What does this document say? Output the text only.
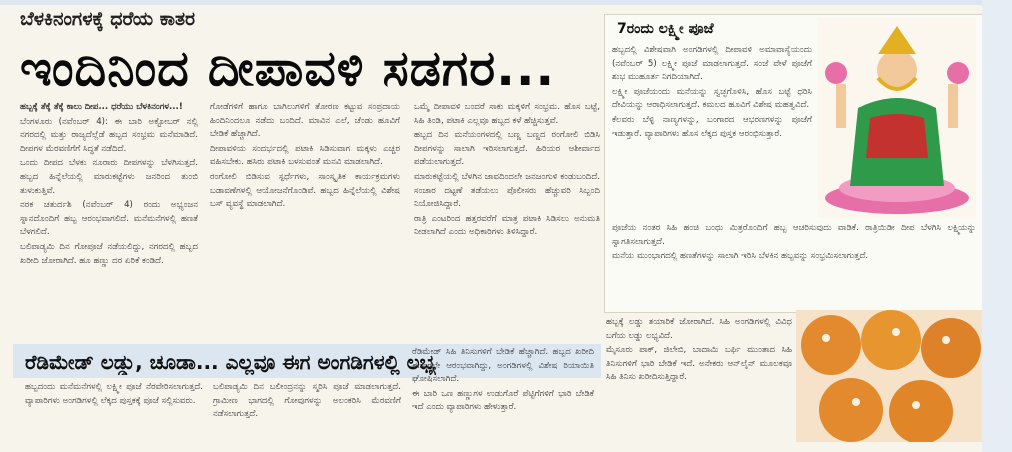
ಬೆಳಕಿನಂಗಳಕ್ಕೆ ಧರೆಯ ಕಾತರ
ಇಂದಿನಿಂದ ದೀಪಾವಳಿ ಸಡಗರ...

ಹಬ್ಬಕ್ಕೆ ತೆಕ್ಕೆ ತೆಕ್ಕೆ ಕಾಲು ದೀಪ... ಧರೆಯು ಬೆಳಕಿನಂಗಳ...!

ಬೆಂಗಳೂರು (ನವೆಂಬರ್ 4): ಈ ಬಾರಿ ಅಕ್ಟೋಬರ್ ನಲ್ಲಿ ನಗರದಲ್ಲಿ ಮತ್ತು ರಾಜ್ಯದೆಲ್ಲೆಡೆ ಹಬ್ಬದ ಸಂಭ್ರಮ ಮನೆಮಾಡಿದೆ. ದೀಪಗಳ ಮೆರವಣಿಗೆಗೆ ಸಿದ್ಧತೆ ನಡೆದಿದೆ.

ಒಂದು ದೀಪದ ಬೆಳಕು ನೂರಾರು ದೀಪಗಳನ್ನು ಬೆಳಗಿಸುತ್ತದೆ. ಹಬ್ಬದ ಹಿನ್ನೆಲೆಯಲ್ಲಿ ಮಾರುಕಟ್ಟೆಗಳು ಜನರಿಂದ ತುಂಬಿ ತುಳುಕುತ್ತಿವೆ.

ನರಕ ಚತುರ್ದಶಿ (ನವೆಂಬರ್ 4) ರಂದು ಅಭ್ಯಂಜನ ಸ್ನಾನದೊಂದಿಗೆ ಹಬ್ಬ ಆರಂಭವಾಗಲಿದೆ. ಮನೆಮನೆಗಳಲ್ಲಿ ಹಣತೆ ಬೆಳಗಲಿದೆ.

ಬಲಿಪಾಡ್ಯಮಿ ದಿನ ಗೋಪೂಜೆ ನಡೆಯಲಿದ್ದು, ನಗರದಲ್ಲಿ ಹಬ್ಬದ ಖರೀದಿ ಜೋರಾಗಿದೆ. ಹೂ ಹಣ್ಣು ದರ ಏರಿಕೆ ಕಂಡಿದೆ.

ಗೋಡೆಗಳಿಗೆ ಹಾಗೂ ಬಾಗಿಲುಗಳಿಗೆ ತೋರಣ ಕಟ್ಟುವ ಸಂಪ್ರದಾಯ ಹಿಂದಿನಿಂದಲೂ ನಡೆದು ಬಂದಿದೆ. ಮಾವಿನ ಎಲೆ, ಚೆಂಡು ಹೂವಿಗೆ ಬೇಡಿಕೆ ಹೆಚ್ಚಾಗಿದೆ.

ದೀಪಾವಳಿಯ ಸಂದರ್ಭದಲ್ಲಿ ಪಟಾಕಿ ಸಿಡಿಸುವಾಗ ಮಕ್ಕಳು ಎಚ್ಚರ ವಹಿಸಬೇಕು. ಹಸಿರು ಪಟಾಕಿ ಬಳಸುವಂತೆ ಮನವಿ ಮಾಡಲಾಗಿದೆ.

ರಂಗೋಲಿ ಬಿಡಿಸುವ ಸ್ಪರ್ಧೆಗಳು, ಸಾಂಸ್ಕೃತಿಕ ಕಾರ್ಯಕ್ರಮಗಳು ಬಡಾವಣೆಗಳಲ್ಲಿ ಆಯೋಜನೆಗೊಂಡಿವೆ. ಹಬ್ಬದ ಹಿನ್ನೆಲೆಯಲ್ಲಿ ವಿಶೇಷ ಬಸ್ ವ್ಯವಸ್ಥೆ ಮಾಡಲಾಗಿದೆ.

ಒಮ್ಮೆ ದೀಪಾವಳಿ ಬಂದರೆ ಸಾಕು ಮಕ್ಕಳಿಗೆ ಸಂಭ್ರಮ. ಹೊಸ ಬಟ್ಟೆ, ಸಿಹಿ ತಿಂಡಿ, ಪಟಾಕಿ ಎಲ್ಲವೂ ಹಬ್ಬದ ಕಳೆ ಹೆಚ್ಚಿಸುತ್ತವೆ.

ಹಬ್ಬದ ದಿನ ಮನೆಯಂಗಳದಲ್ಲಿ ಬಣ್ಣ ಬಣ್ಣದ ರಂಗೋಲಿ ಬಿಡಿಸಿ ದೀಪಗಳನ್ನು ಸಾಲಾಗಿ ಇರಿಸಲಾಗುತ್ತದೆ. ಹಿರಿಯರ ಆಶೀರ್ವಾದ ಪಡೆಯಲಾಗುತ್ತದೆ.

ಮಾರುಕಟ್ಟೆಯಲ್ಲಿ ಬೆಳಗಿನ ಜಾವದಿಂದಲೇ ಜನಜಂಗುಳಿ ಕಂಡುಬಂದಿದೆ. ಸಂಚಾರ ದಟ್ಟಣೆ ತಡೆಯಲು ಪೊಲೀಸರು ಹೆಚ್ಚುವರಿ ಸಿಬ್ಬಂದಿ ನಿಯೋಜಿಸಿದ್ದಾರೆ.

ರಾತ್ರಿ ಎಂಟರಿಂದ ಹತ್ತರವರೆಗೆ ಮಾತ್ರ ಪಟಾಕಿ ಸಿಡಿಸಲು ಅನುಮತಿ ನೀಡಲಾಗಿದೆ ಎಂದು ಅಧಿಕಾರಿಗಳು ತಿಳಿಸಿದ್ದಾರೆ.

ರೆಡಿಮೇಡ್ ಲಡ್ಡು, ಚೂಡಾ... ಎಲ್ಲವೂ ಈಗ ಅಂಗಡಿಗಳಲ್ಲಿ ಲಭ್ಯ

ಹಬ್ಬದಂದು ಮನೆಮನೆಗಳಲ್ಲಿ ಲಕ್ಷ್ಮೀ ಪೂಜೆ ನೆರವೇರಿಸಲಾಗುತ್ತದೆ. ವ್ಯಾಪಾರಿಗಳು ಅಂಗಡಿಗಳಲ್ಲಿ ಲೆಕ್ಕದ ಪುಸ್ತಕಕ್ಕೆ ಪೂಜೆ ಸಲ್ಲಿಸುವರು.

ಬಲಿಪಾಡ್ಯಮಿ ದಿನ ಬಲೀಂದ್ರನನ್ನು ಸ್ಮರಿಸಿ ಪೂಜೆ ಮಾಡಲಾಗುತ್ತದೆ. ಗ್ರಾಮೀಣ ಭಾಗದಲ್ಲಿ ಗೋವುಗಳನ್ನು ಅಲಂಕರಿಸಿ ಮೆರವಣಿಗೆ ನಡೆಸಲಾಗುತ್ತದೆ.

ರೆಡಿಮೇಡ್ ಸಿಹಿ ತಿನಿಸುಗಳಿಗೆ ಬೇಡಿಕೆ ಹೆಚ್ಚಾಗಿದೆ. ಹಬ್ಬದ ಖರೀದಿ ಈಗಾಗಲೇ ಆರಂಭವಾಗಿದ್ದು, ಅಂಗಡಿಗಳಲ್ಲಿ ವಿಶೇಷ ರಿಯಾಯಿತಿ ಘೋಷಿಸಲಾಗಿದೆ.

ಈ ಬಾರಿ ಒಣ ಹಣ್ಣುಗಳ ಉಡುಗೊರೆ ಪೆಟ್ಟಿಗೆಗಳಿಗೆ ಭಾರಿ ಬೇಡಿಕೆ ಇದೆ ಎಂದು ವ್ಯಾಪಾರಿಗಳು ಹೇಳುತ್ತಾರೆ.

7ರಂದು ಲಕ್ಷ್ಮೀ ಪೂಜೆ

ಹಬ್ಬದಲ್ಲಿ ವಿಶೇಷವಾಗಿ ಅಂಗಡಿಗಳಲ್ಲಿ ದೀಪಾವಳಿ ಅಮಾವಾಸ್ಯೆಯಂದು (ನವೆಂಬರ್ 5) ಲಕ್ಷ್ಮೀ ಪೂಜೆ ಮಾಡಲಾಗುತ್ತದೆ. ಸಂಜೆ ವೇಳೆ ಪೂಜೆಗೆ ಶುಭ ಮುಹೂರ್ತ ನಿಗದಿಯಾಗಿದೆ.

ಲಕ್ಷ್ಮೀ ಪೂಜೆಯಂದು ಮನೆಯನ್ನು ಸ್ವಚ್ಛಗೊಳಿಸಿ, ಹೊಸ ಬಟ್ಟೆ ಧರಿಸಿ ದೇವಿಯನ್ನು ಆರಾಧಿಸಲಾಗುತ್ತದೆ. ಕಮಲದ ಹೂವಿಗೆ ವಿಶೇಷ ಮಹತ್ವವಿದೆ.

ಕೆಲವರು ಬೆಳ್ಳಿ ನಾಣ್ಯಗಳನ್ನು, ಬಂಗಾರದ ಆಭರಣಗಳನ್ನು ಪೂಜೆಗೆ ಇಡುತ್ತಾರೆ. ವ್ಯಾಪಾರಿಗಳು ಹೊಸ ಲೆಕ್ಕದ ಪುಸ್ತಕ ಆರಂಭಿಸುತ್ತಾರೆ.

ಪೂಜೆಯ ನಂತರ ಸಿಹಿ ಹಂಚಿ ಬಂಧು ಮಿತ್ರರೊಂದಿಗೆ ಹಬ್ಬ ಆಚರಿಸುವುದು ವಾಡಿಕೆ. ರಾತ್ರಿಯಿಡೀ ದೀಪ ಬೆಳಗಿಸಿ ಲಕ್ಷ್ಮಿಯನ್ನು ಸ್ವಾಗತಿಸಲಾಗುತ್ತದೆ.

ಮನೆಯ ಮುಂಭಾಗದಲ್ಲಿ ಹಣತೆಗಳನ್ನು ಸಾಲಾಗಿ ಇರಿಸಿ ಬೆಳಕಿನ ಹಬ್ಬವನ್ನು ಸಂಭ್ರಮಿಸಲಾಗುತ್ತದೆ.

ಹಬ್ಬಕ್ಕೆ ಲಡ್ಡು ತಯಾರಿಕೆ ಜೋರಾಗಿದೆ. ಸಿಹಿ ಅಂಗಡಿಗಳಲ್ಲಿ ವಿವಿಧ ಬಗೆಯ ಲಡ್ಡು ಲಭ್ಯವಿದೆ.

ಮೈಸೂರು ಪಾಕ್, ಜಿಲೇಬಿ, ಬಾದಾಮಿ ಬರ್ಫಿ ಮುಂತಾದ ಸಿಹಿ ತಿನಿಸುಗಳಿಗೆ ಭಾರಿ ಬೇಡಿಕೆ ಇದೆ. ಅನೇಕರು ಆನ್‌ಲೈನ್ ಮೂಲಕವೂ ಸಿಹಿ ತಿನಿಸು ಖರೀದಿಸುತ್ತಿದ್ದಾರೆ.
